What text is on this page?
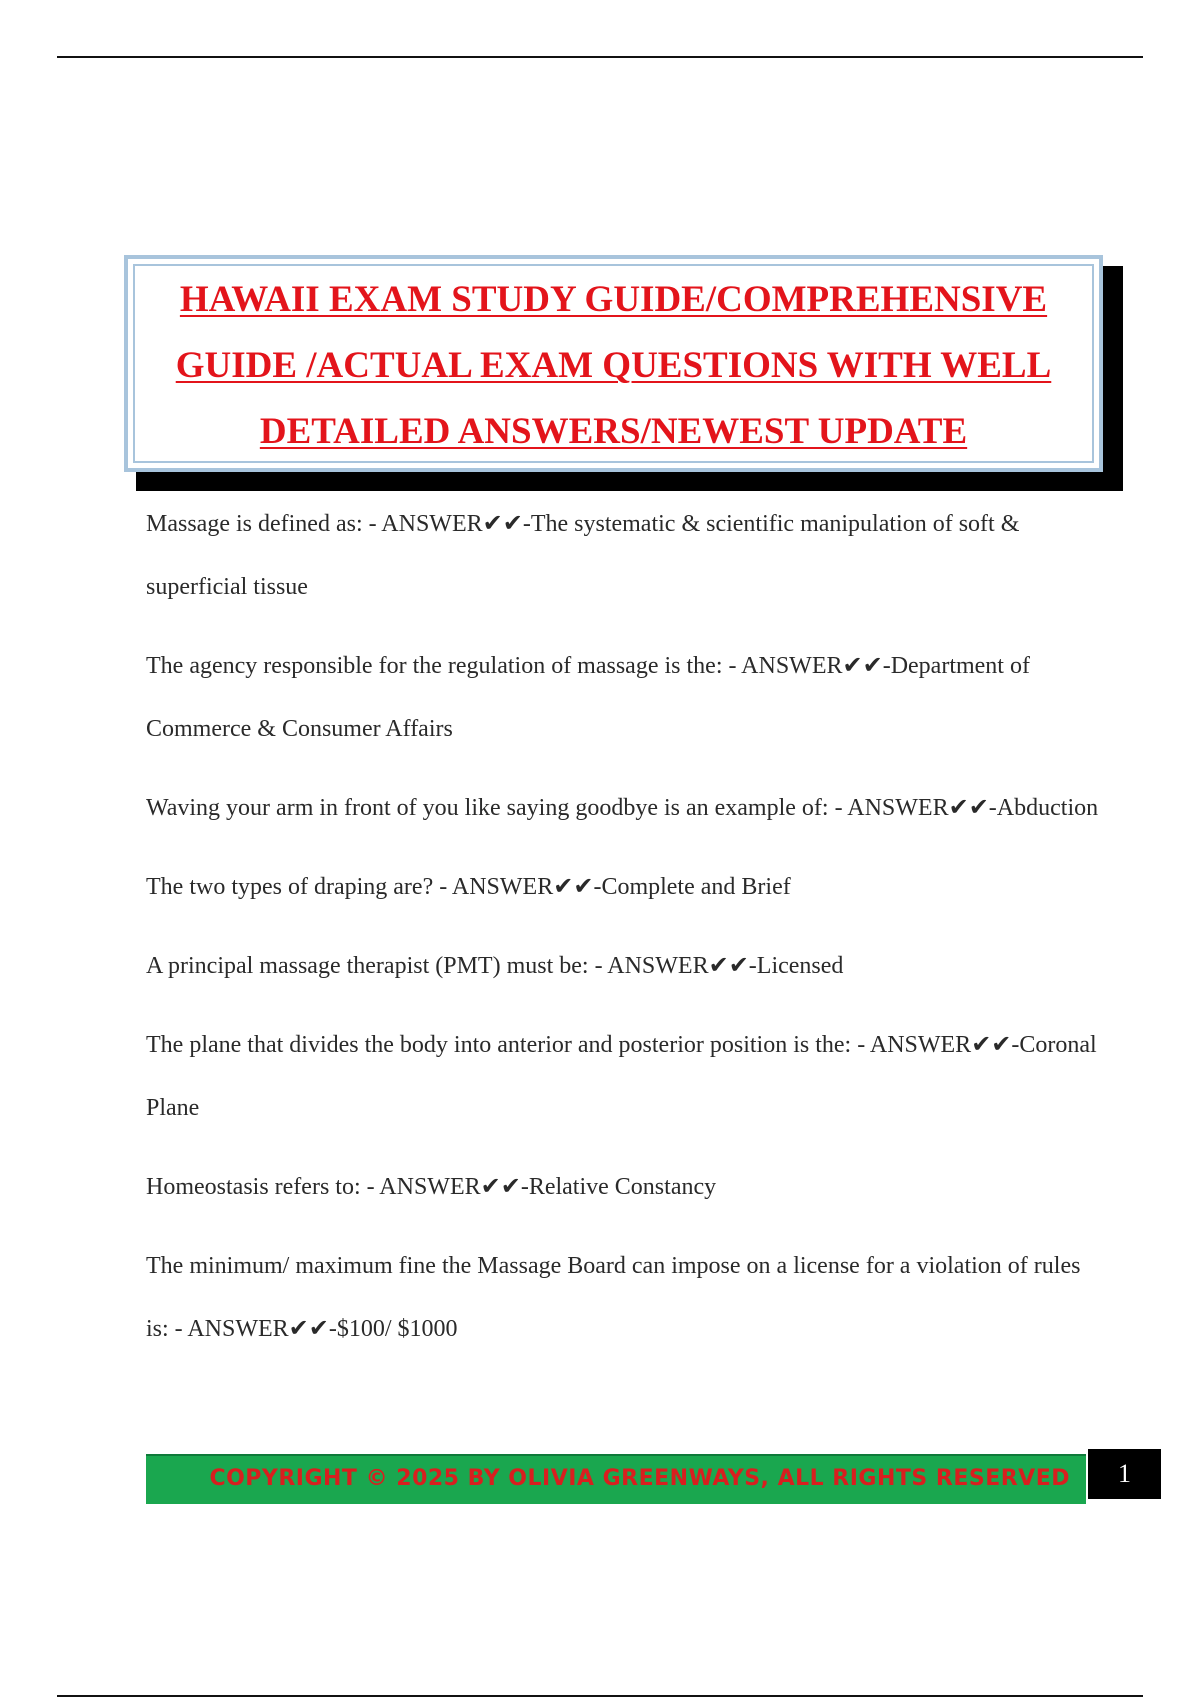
HAWAII EXAM STUDY GUIDE/COMPREHENSIVE GUIDE /ACTUAL EXAM QUESTIONS WITH WELL DETAILED ANSWERS/NEWEST UPDATE
Massage is defined as: - ANSWER✔✔-The systematic & scientific manipulation of soft & superficial tissue
The agency responsible for the regulation of massage is the: - ANSWER✔✔-Department of Commerce & Consumer Affairs
Waving your arm in front of you like saying goodbye is an example of: - ANSWER✔✔-Abduction
The two types of draping are? - ANSWER✔✔-Complete and Brief
A principal massage therapist (PMT) must be: - ANSWER✔✔-Licensed
The plane that divides the body into anterior and posterior position is the: - ANSWER✔✔-Coronal Plane
Homeostasis refers to: - ANSWER✔✔-Relative Constancy
The minimum/ maximum fine the Massage Board can impose on a license for a violation of rules is: - ANSWER✔✔-$100/ $1000
COPYRIGHT © 2025 BY OLIVIA GREENWAYS, ALL RIGHTS RESERVED	1
